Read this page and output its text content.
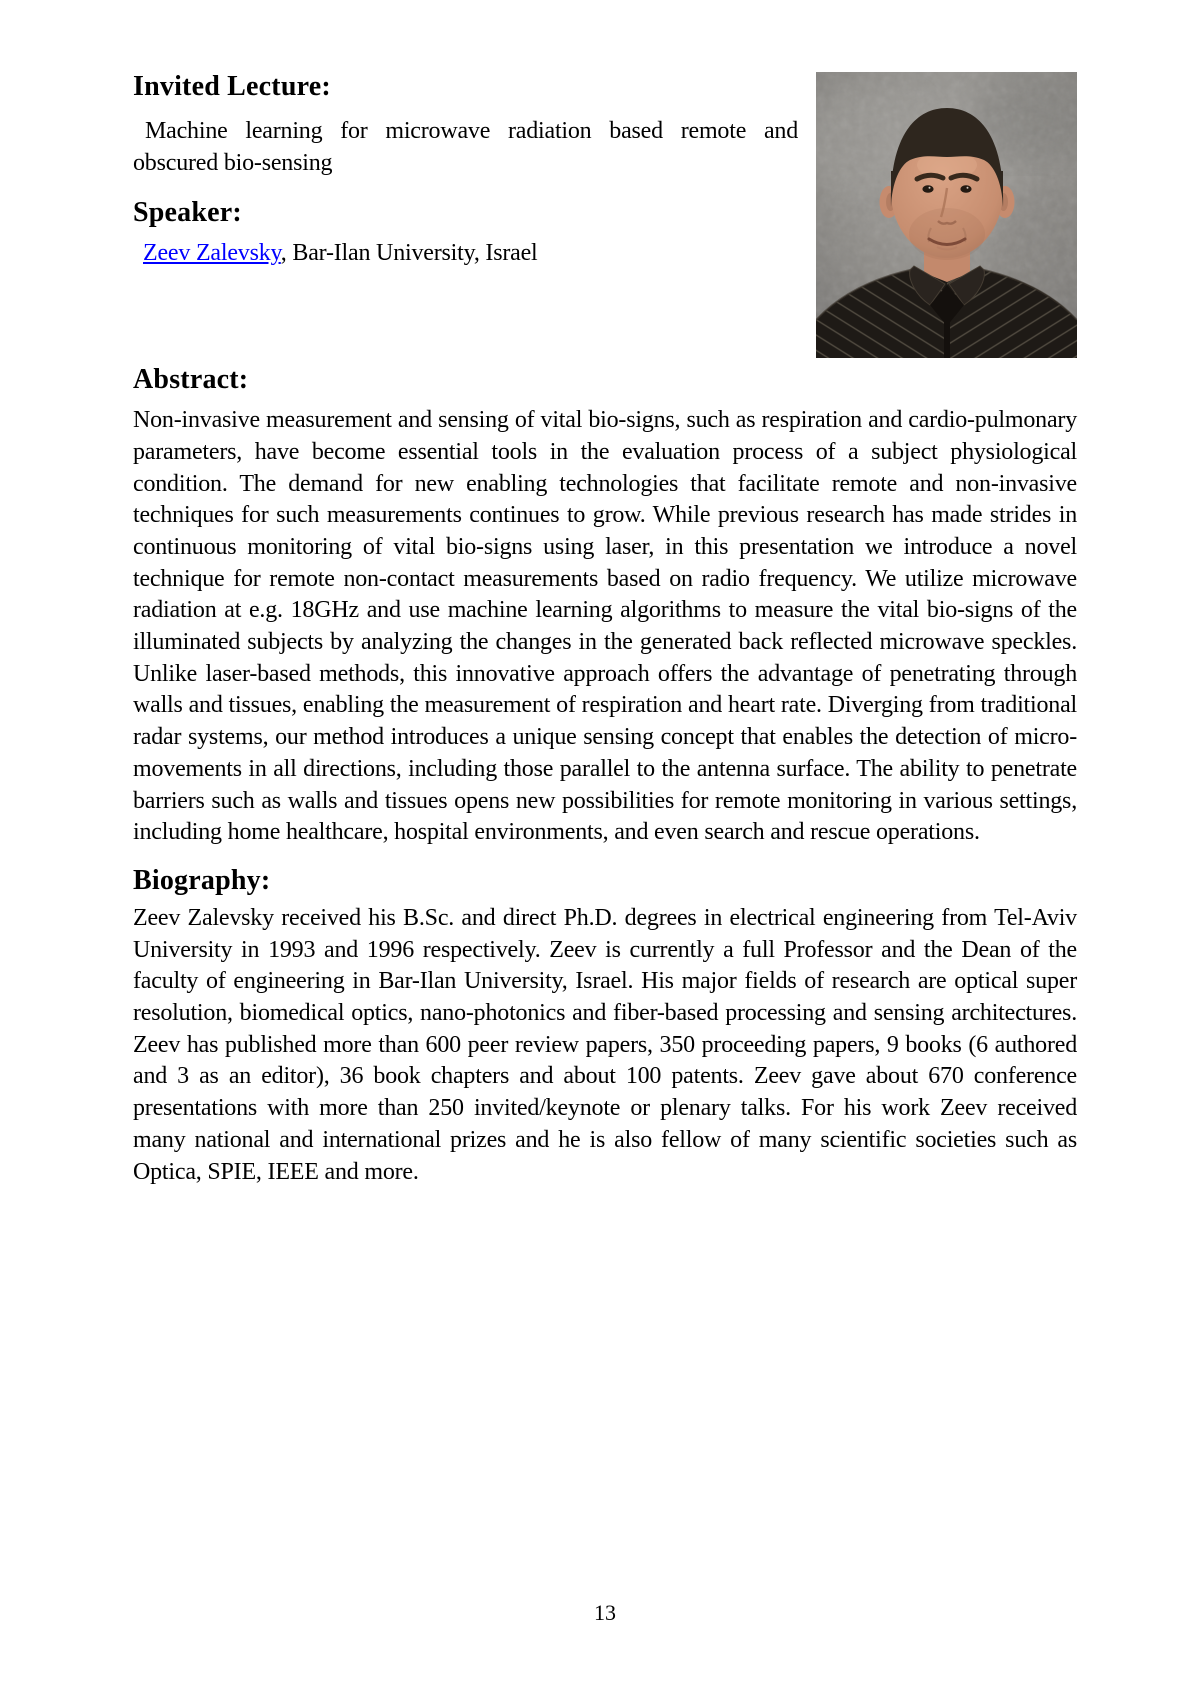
Invited Lecture:

Machine learning for microwave radiation based remote and obscured bio-sensing

Speaker:

Zeev Zalevsky, Bar-Ilan University, Israel

Abstract:

Non-invasive measurement and sensing of vital bio-signs, such as respiration and cardio-pulmonary parameters, have become essential tools in the evaluation process of a subject physiological condition. The demand for new enabling technologies that facilitate remote and non-invasive techniques for such measurements continues to grow. While previous research has made strides in continuous monitoring of vital bio-signs using laser, in this presentation we introduce a novel technique for remote non-contact measurements based on radio frequency. We utilize microwave radiation at e.g. 18GHz and use machine learning algorithms to measure the vital bio-signs of the illuminated subjects by analyzing the changes in the generated back reflected microwave speckles. Unlike laser-based methods, this innovative approach offers the advantage of penetrating through walls and tissues, enabling the measurement of respiration and heart rate. Diverging from traditional radar systems, our method introduces a unique sensing concept that enables the detection of micro-movements in all directions, including those parallel to the antenna surface. The ability to penetrate barriers such as walls and tissues opens new possibilities for remote monitoring in various settings, including home healthcare, hospital environments, and even search and rescue operations.

Biography:

Zeev Zalevsky received his B.Sc. and direct Ph.D. degrees in electrical engineering from Tel-Aviv University in 1993 and 1996 respectively. Zeev is currently a full Professor and the Dean of the faculty of engineering in Bar-Ilan University, Israel. His major fields of research are optical super resolution, biomedical optics, nano-photonics and fiber-based processing and sensing architectures. Zeev has published more than 600 peer review papers, 350 proceeding papers, 9 books (6 authored and 3 as an editor), 36 book chapters and about 100 patents. Zeev gave about 670 conference presentations with more than 250 invited/keynote or plenary talks. For his work Zeev received many national and international prizes and he is also fellow of many scientific societies such as Optica, SPIE, IEEE and more.

13
